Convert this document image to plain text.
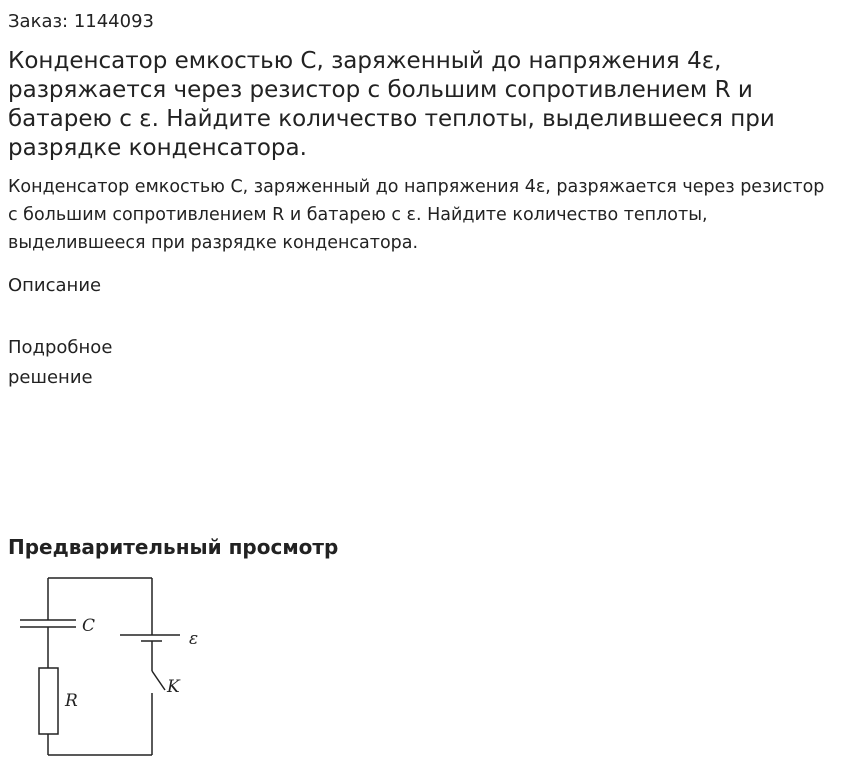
Заказ: 1144093
Конденсатор емкостью C, заряженный до напряжения 4ε, разряжается через резистор с большим сопротивлением R и батарею с ε. Найдите количество теплоты, выделившееся при разрядке конденсатора.

Конденсатор емкостью C, заряженный до напряжения 4ε, разряжается через резистор с большим сопротивлением R и батарею с ε. Найдите количество теплоты, выделившееся при разрядке конденсатора.

Описание
Подробное решение
Предварительный просмотр
C
ε
R
K
